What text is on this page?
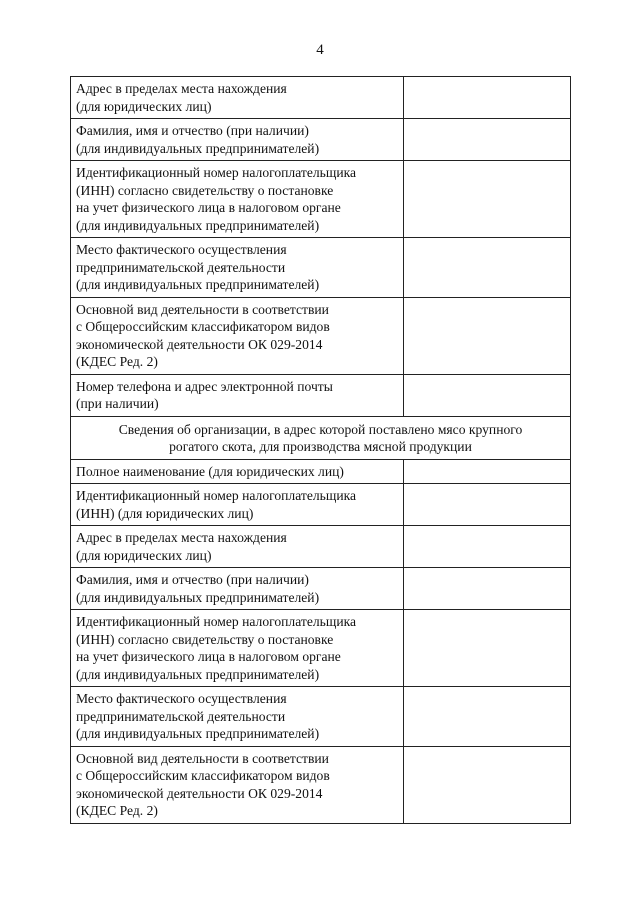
4
Адрес в пределах места нахождения
(для юридических лиц)	

Фамилия, имя и отчество (при наличии)
(для индивидуальных предпринимателей)	

Идентификационный номер налогоплательщика
(ИНН) согласно свидетельству о постановке
на учет физического лица в налоговом органе
(для индивидуальных предпринимателей)	

Место фактического осуществления
предпринимательской деятельности
(для индивидуальных предпринимателей)	

Основной вид деятельности в соответствии
с Общероссийским классификатором видов
экономической деятельности ОК 029-2014
(КДЕС Ред. 2)	

Номер телефона и адрес электронной почты
(при наличии)	

Сведения об организации, в адрес которой поставлено мясо крупного
рогатого скота, для производства мясной продукции	

Полное наименование (для юридических лиц)	

Идентификационный номер налогоплательщика
(ИНН) (для юридических лиц)	

Адрес в пределах места нахождения
(для юридических лиц)	

Фамилия, имя и отчество (при наличии)
(для индивидуальных предпринимателей)	

Идентификационный номер налогоплательщика
(ИНН) согласно свидетельству о постановке
на учет физического лица в налоговом органе
(для индивидуальных предпринимателей)	

Место фактического осуществления
предпринимательской деятельности
(для индивидуальных предпринимателей)	

Основной вид деятельности в соответствии
с Общероссийским классификатором видов
экономической деятельности ОК 029-2014
(КДЕС Ред. 2)	
